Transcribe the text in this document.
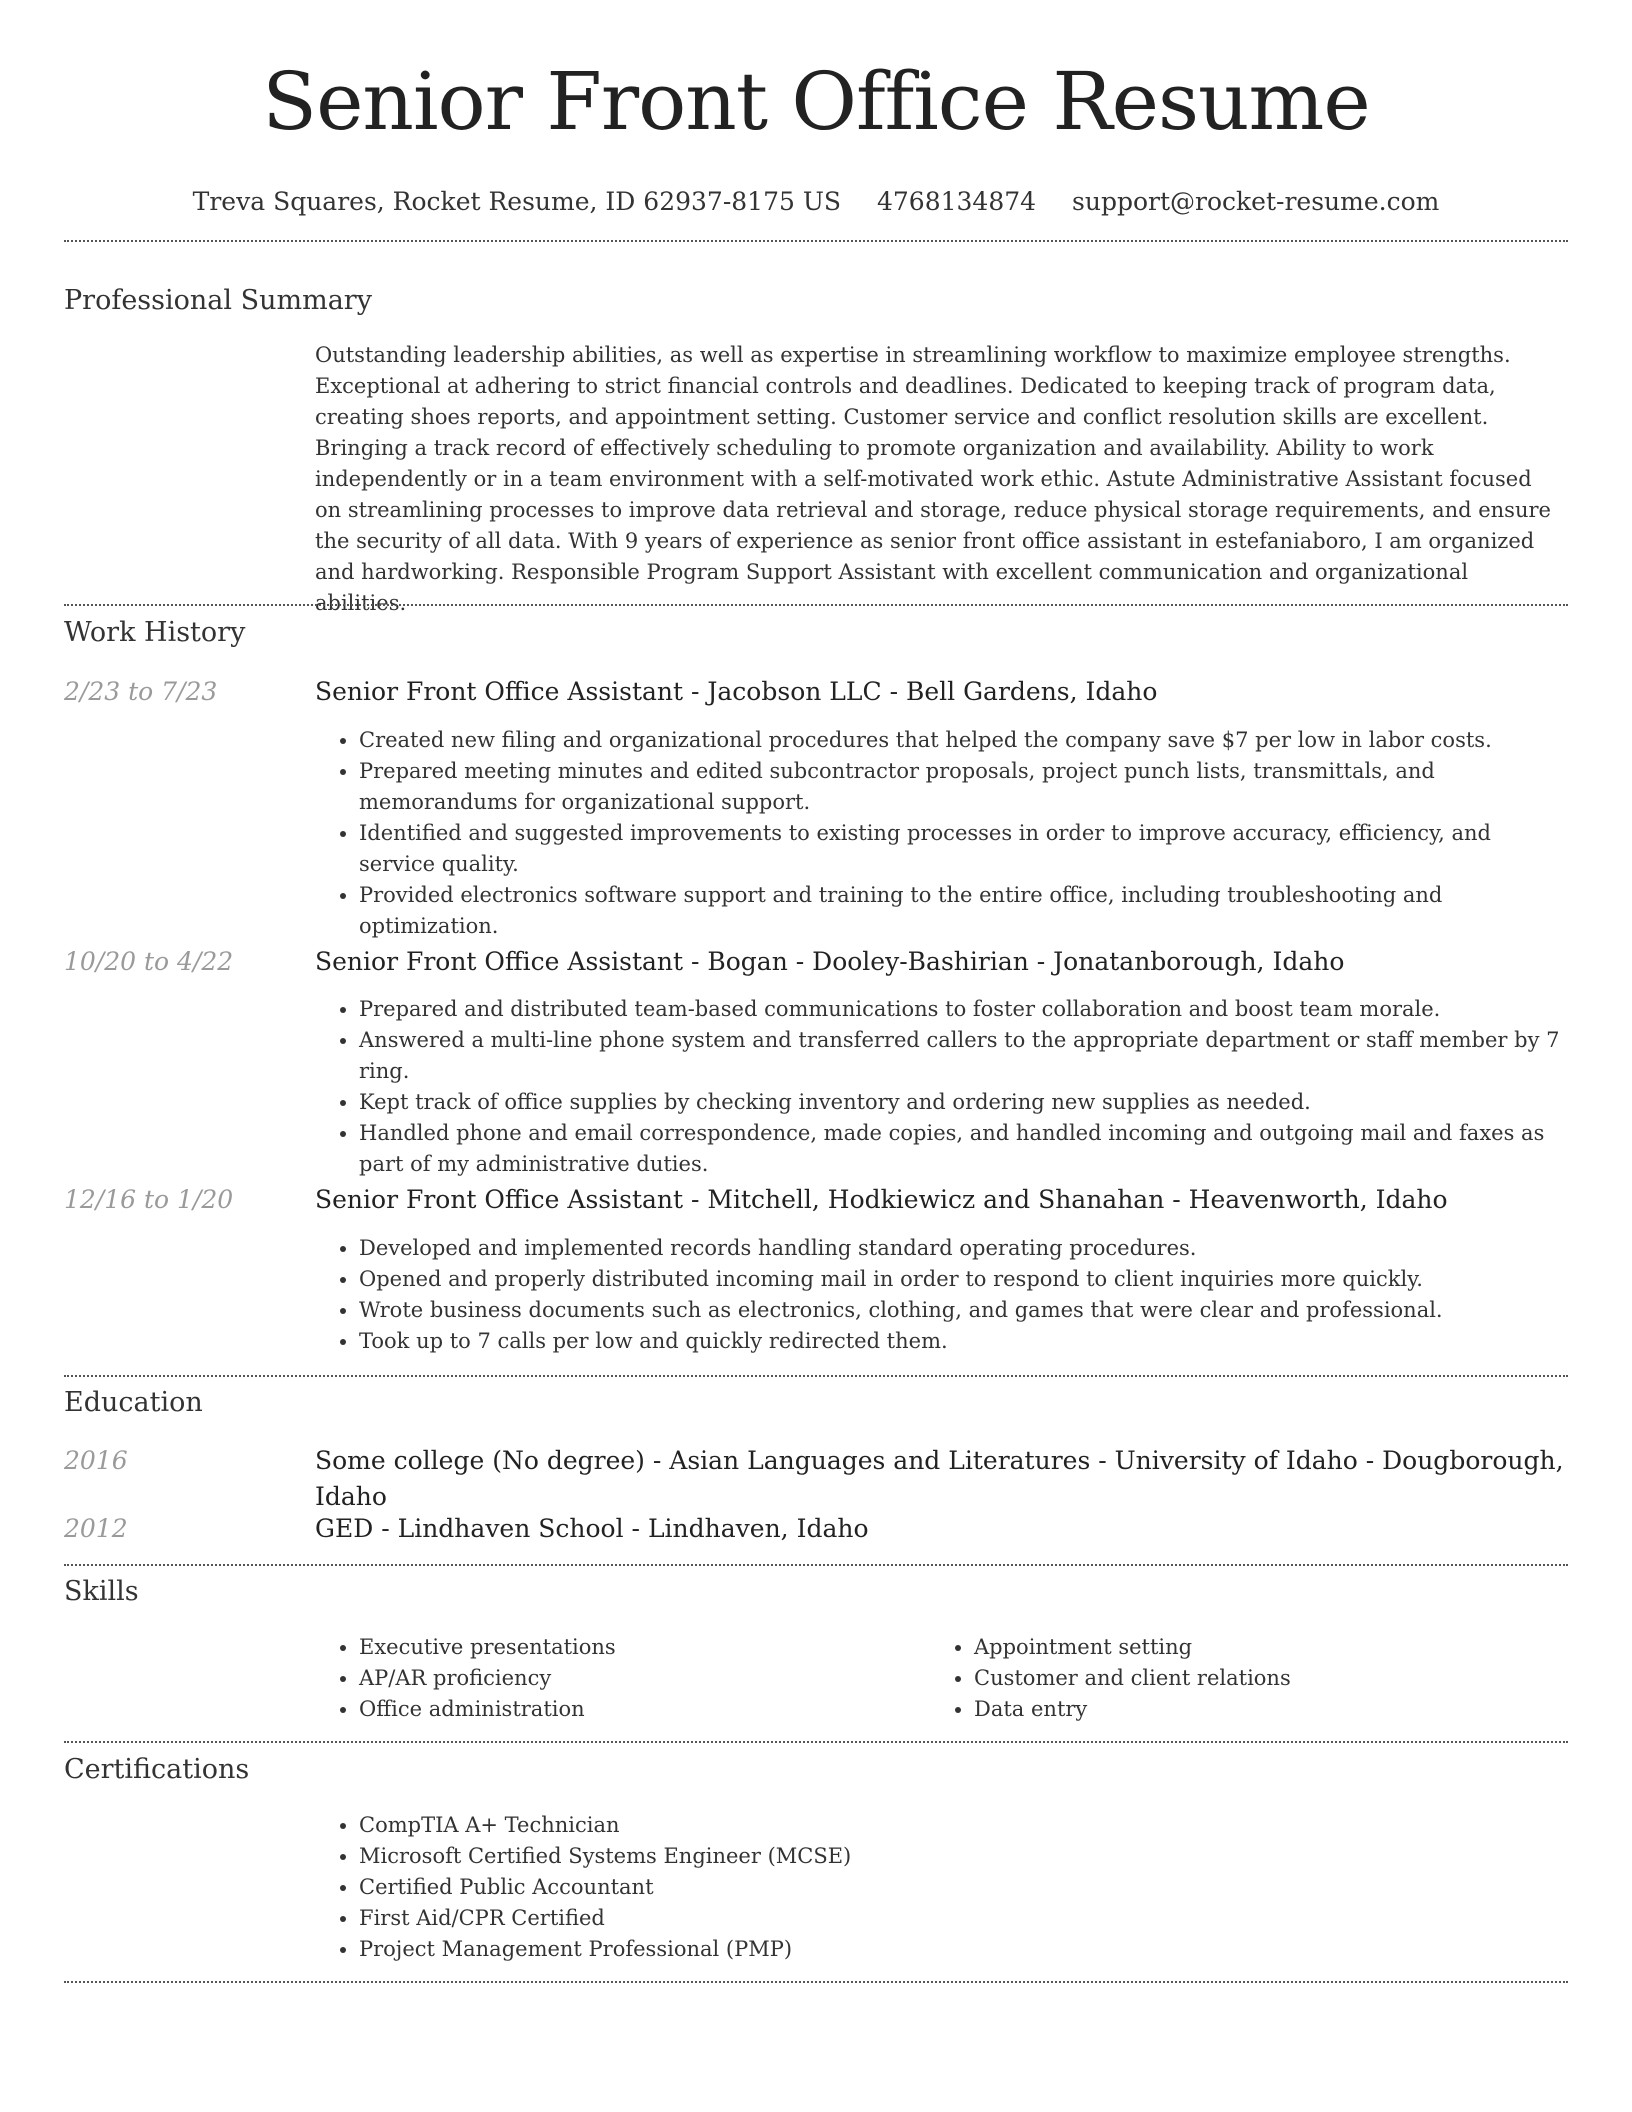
Senior Front Office Resume
Treva Squares, Rocket Resume, ID 62937-8175 US 4768134874 support@rocket-resume.com
Professional Summary
Outstanding leadership abilities, as well as expertise in streamlining workflow to maximize employee strengths. Exceptional at adhering to strict financial controls and deadlines. Dedicated to keeping track of program data, creating shoes reports, and appointment setting. Customer service and conflict resolution skills are excellent. Bringing a track record of effectively scheduling to promote organization and availability. Ability to work independently or in a team environment with a self-motivated work ethic. Astute Administrative Assistant focused on streamlining processes to improve data retrieval and storage, reduce physical storage requirements, and ensure the security of all data. With 9 years of experience as senior front office assistant in estefaniaboro, I am organized and hardworking. Responsible Program Support Assistant with excellent communication and organizational abilities.
Work History
2/23 to 7/23	Senior Front Office Assistant - Jacobson LLC - Bell Gardens, Idaho
• Created new filing and organizational procedures that helped the company save $7 per low in labor costs.
• Prepared meeting minutes and edited subcontractor proposals, project punch lists, transmittals, and memorandums for organizational support.
• Identified and suggested improvements to existing processes in order to improve accuracy, efficiency, and service quality.
• Provided electronics software support and training to the entire office, including troubleshooting and optimization.
10/20 to 4/22	Senior Front Office Assistant - Bogan - Dooley-Bashirian - Jonatanborough, Idaho
• Prepared and distributed team-based communications to foster collaboration and boost team morale.
• Answered a multi-line phone system and transferred callers to the appropriate department or staff member by 7 ring.
• Kept track of office supplies by checking inventory and ordering new supplies as needed.
• Handled phone and email correspondence, made copies, and handled incoming and outgoing mail and faxes as part of my administrative duties.
12/16 to 1/20	Senior Front Office Assistant - Mitchell, Hodkiewicz and Shanahan - Heavenworth, Idaho
• Developed and implemented records handling standard operating procedures.
• Opened and properly distributed incoming mail in order to respond to client inquiries more quickly.
• Wrote business documents such as electronics, clothing, and games that were clear and professional.
• Took up to 7 calls per low and quickly redirected them.
Education
2016	Some college (No degree) - Asian Languages and Literatures - University of Idaho - Dougborough, Idaho
2012	GED - Lindhaven School - Lindhaven, Idaho
Skills
• Executive presentations
• AP/AR proficiency
• Office administration
• Appointment setting
• Customer and client relations
• Data entry
Certifications
• CompTIA A+ Technician
• Microsoft Certified Systems Engineer (MCSE)
• Certified Public Accountant
• First Aid/CPR Certified
• Project Management Professional (PMP)
